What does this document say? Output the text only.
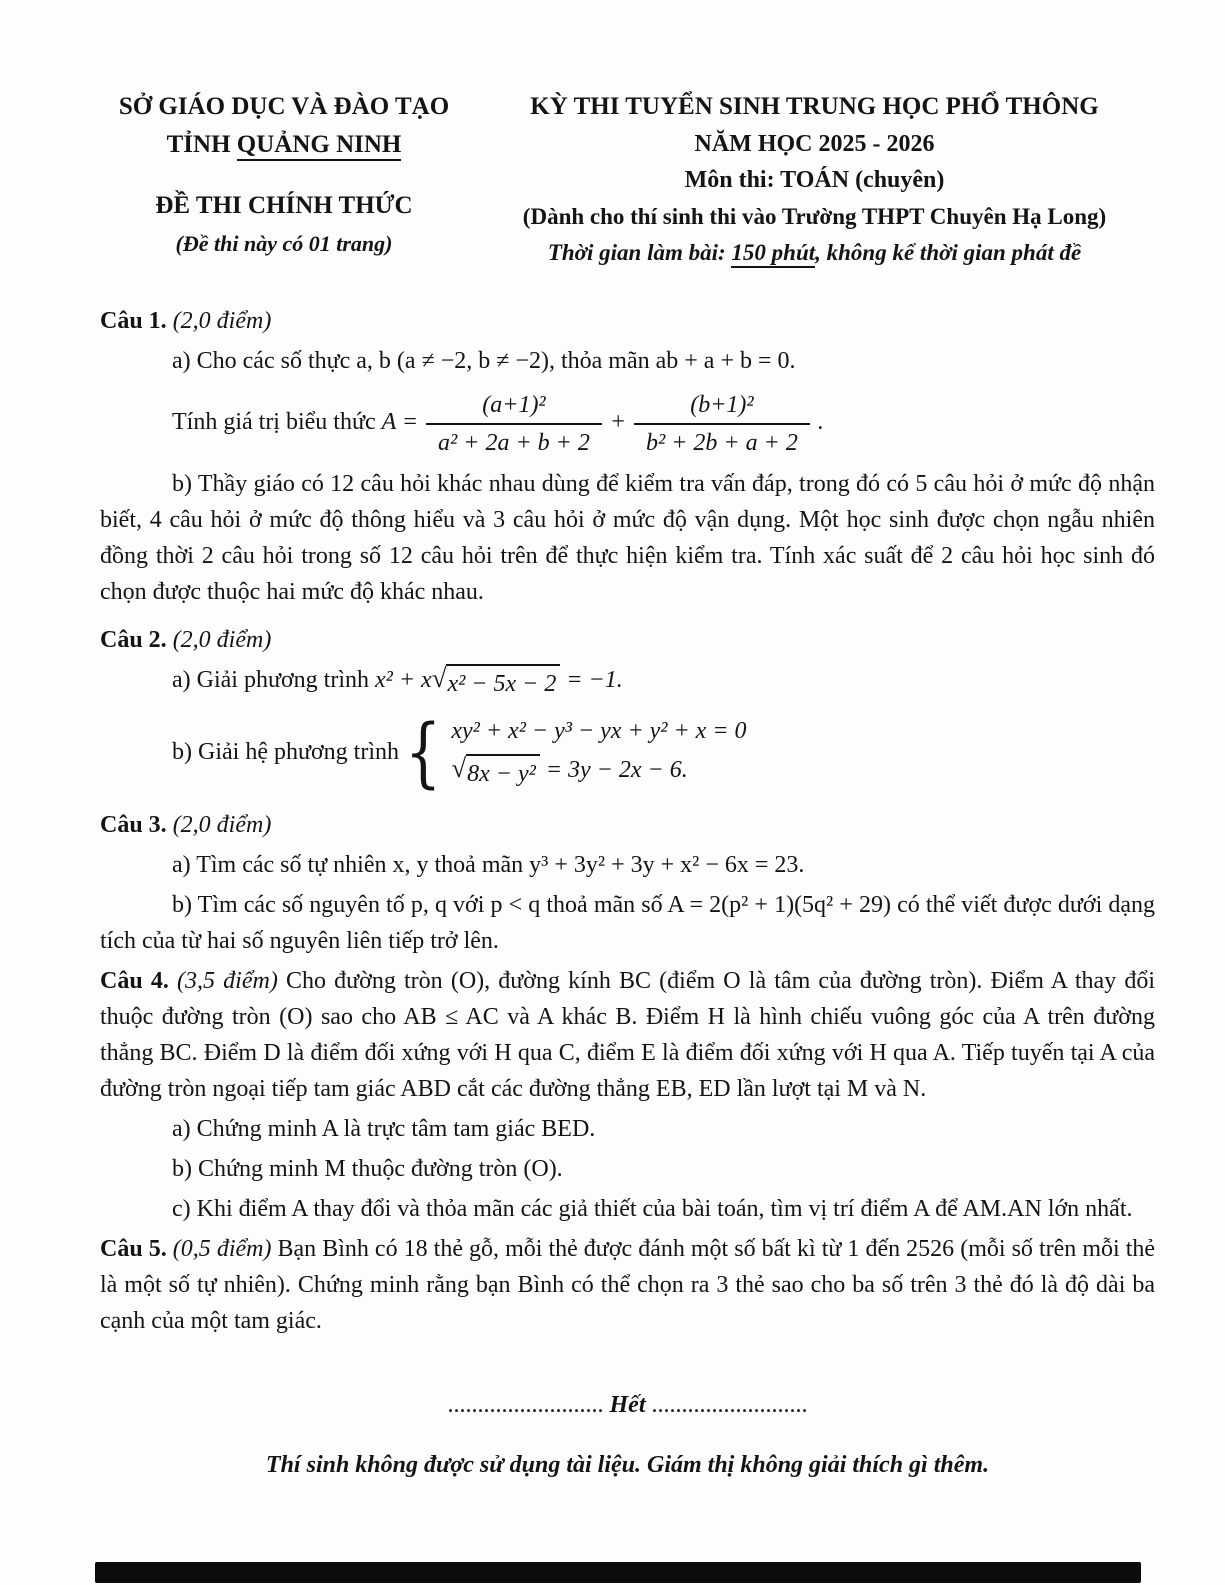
SỞ GIÁO DỤC VÀ ĐÀO TẠO
TỈNH QUẢNG NINH
ĐỀ THI CHÍNH THỨC
(Đề thi này có 01 trang)
KỲ THI TUYỂN SINH TRUNG HỌC PHỔ THÔNG
NĂM HỌC 2025 - 2026
Môn thi: TOÁN (chuyên)
(Dành cho thí sinh thi vào Trường THPT Chuyên Hạ Long)
Thời gian làm bài: 150 phút, không kể thời gian phát đề

Câu 1. (2,0 điểm)

a) Cho các số thực a, b (a ≠ −2, b ≠ −2), thỏa mãn ab + a + b = 0.

Tính giá trị biểu thức $A = \frac{\text{(a+1)²}}{\text{a² + 2a + b + 2}} + \frac{\text{(b+1)²}}{\text{b² + 2b + a + 2}}$ .

b) Thầy giáo có 12 câu hỏi khác nhau dùng để kiểm tra vấn đáp, trong đó có 5 câu hỏi ở mức độ nhận biết, 4 câu hỏi ở mức độ thông hiểu và 3 câu hỏi ở mức độ vận dụng. Một học sinh được chọn ngẫu nhiên đồng thời 2 câu hỏi trong số 12 câu hỏi trên để thực hiện kiểm tra. Tính xác suất để 2 câu hỏi học sinh đó chọn được thuộc hai mức độ khác nhau.

Câu 2. (2,0 điểm)

a) Giải phương trình x² + x √ x² − 5x − 2 = −1.

b) Giải hệ phương trình { xy² + x² − y³ − yx + y² + x = 0
√ 8x − y² = 3y − 2x − 6.

Câu 3. (2,0 điểm)

a) Tìm các số tự nhiên x, y thoả mãn y³ + 3y² + 3y + x² − 6x = 23.

b) Tìm các số nguyên tố p, q với p < q thoả mãn số A = 2(p² + 1)(5q² + 29) có thể viết được dưới dạng tích của từ hai số nguyên liên tiếp trở lên.

Câu 4. (3,5 điểm) Cho đường tròn (O), đường kính BC (điểm O là tâm của đường tròn). Điểm A thay đổi thuộc đường tròn (O) sao cho AB ≤ AC và A khác B. Điểm H là hình chiếu vuông góc của A trên đường thẳng BC. Điểm D là điểm đối xứng với H qua C, điểm E là điểm đối xứng với H qua A. Tiếp tuyến tại A của đường tròn ngoại tiếp tam giác ABD cắt các đường thẳng EB, ED lần lượt tại M và N.

a) Chứng minh A là trực tâm tam giác BED.

b) Chứng minh M thuộc đường tròn (O).

c) Khi điểm A thay đổi và thỏa mãn các giả thiết của bài toán, tìm vị trí điểm A để AM.AN lớn nhất.

Câu 5. (0,5 điểm) Bạn Bình có 18 thẻ gỗ, mỗi thẻ được đánh một số bất kì từ 1 đến 2526 (mỗi số trên mỗi thẻ là một số tự nhiên). Chứng minh rằng bạn Bình có thể chọn ra 3 thẻ sao cho ba số trên 3 thẻ đó là độ dài ba cạnh của một tam giác.

.......................... Hết ..........................

Thí sinh không được sử dụng tài liệu. Giám thị không giải thích gì thêm.
